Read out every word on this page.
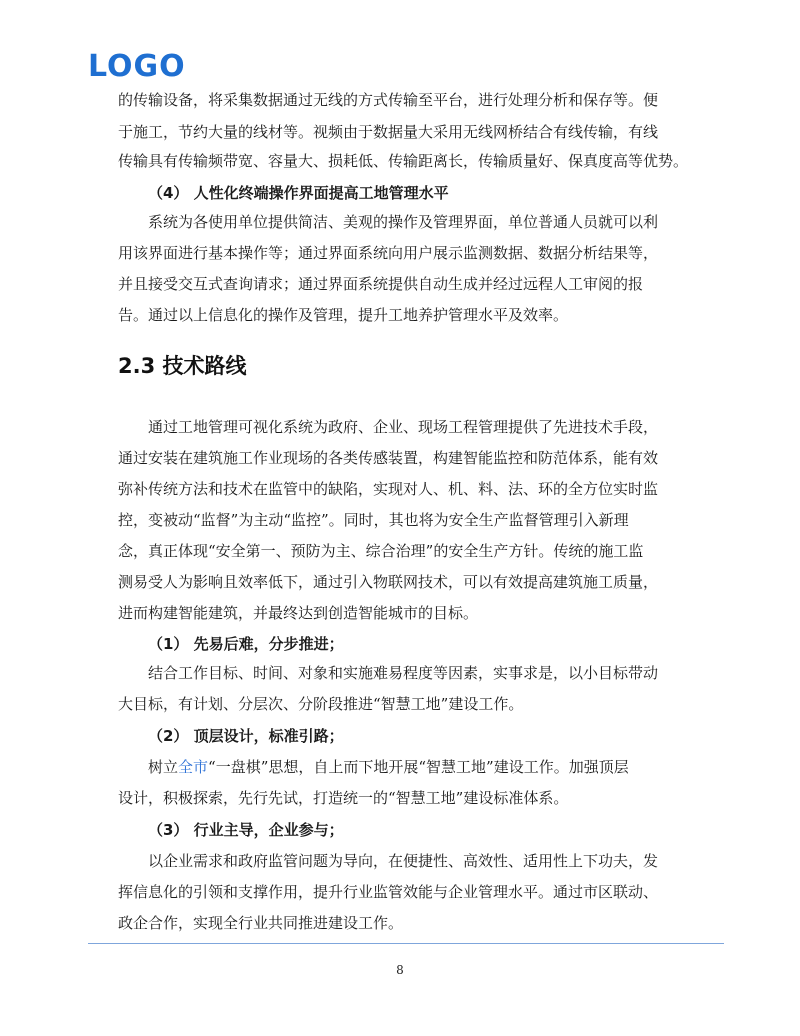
LOGO
的传输设备，将采集数据通过无线的方式传输至平台，进行处理分析和保存等。便
于施工，节约大量的线材等。视频由于数据量大采用无线网桥结合有线传输，有线
传输具有传输频带宽、容量大、损耗低、传输距离长，传输质量好、保真度高等优势。
（4） 人性化终端操作界面提高工地管理水平
系统为各使用单位提供简洁、美观的操作及管理界面，单位普通人员就可以利
用该界面进行基本操作等；通过界面系统向用户展示监测数据、数据分析结果等，
并且接受交互式查询请求；通过界面系统提供自动生成并经过远程人工审阅的报
告。通过以上信息化的操作及管理，提升工地养护管理水平及效率。
2.3 技术路线
通过工地管理可视化系统为政府、企业、现场工程管理提供了先进技术手段，
通过安装在建筑施工作业现场的各类传感装置，构建智能监控和防范体系，能有效
弥补传统方法和技术在监管中的缺陷，实现对人、机、料、法、环的全方位实时监
控，变被动“监督”为主动“监控”。同时，其也将为安全生产监督管理引入新理
念，真正体现“安全第一、预防为主、综合治理”的安全生产方针。传统的施工监
测易受人为影响且效率低下，通过引入物联网技术，可以有效提高建筑施工质量，
进而构建智能建筑，并最终达到创造智能城市的目标。
（1） 先易后难，分步推进；
结合工作目标、时间、对象和实施难易程度等因素，实事求是，以小目标带动
大目标，有计划、分层次、分阶段推进“智慧工地”建设工作。
（2） 顶层设计，标准引路；
树立全市“一盘棋”思想，自上而下地开展“智慧工地”建设工作。加强顶层
设计，积极探索，先行先试，打造统一的“智慧工地”建设标准体系。
（3） 行业主导，企业参与；
以企业需求和政府监管问题为导向，在便捷性、高效性、适用性上下功夫，发
挥信息化的引领和支撑作用，提升行业监管效能与企业管理水平。通过市区联动、
政企合作，实现全行业共同推进建设工作。
8
